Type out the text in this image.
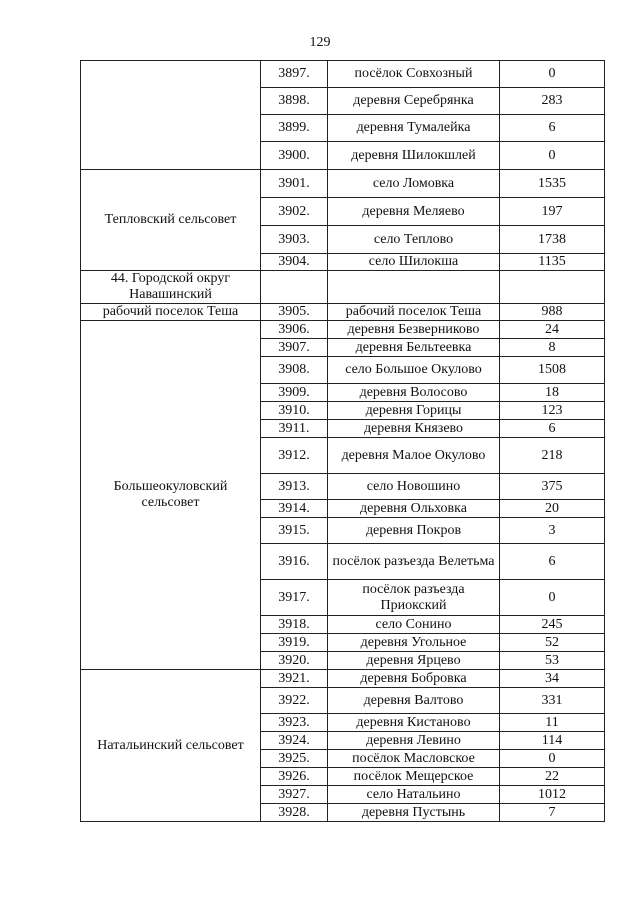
129
	3897.	посёлок Совхозный	0
	3898.	деревня Серебрянка	283
	3899.	деревня Тумалейка	6
	3900.	деревня Шилокшлей	0
Тепловский сельсовет	3901.	село Ломовка	1535
	3902.	деревня Меляево	197
	3903.	село Теплово	1738
	3904.	село Шилокша	1135
44. Городской округ Навашинский			
рабочий поселок Теша	3905.	рабочий поселок Теша	988
Большеокуловский сельсовет	3906.	деревня Безверниково	24
	3907.	деревня Бельтеевка	8
	3908.	село Большое Окулово	1508
	3909.	деревня Волосово	18
	3910.	деревня Горицы	123
	3911.	деревня Князево	6
	3912.	деревня Малое Окулово	218
	3913.	село Новошино	375
	3914.	деревня Ольховка	20
	3915.	деревня Покров	3
	3916.	посёлок разъезда Велетьма	6
	3917.	посёлок разъезда Приокский	0
	3918.	село Сонино	245
	3919.	деревня Угольное	52
	3920.	деревня Ярцево	53
Натальинский сельсовет	3921.	деревня Бобровка	34
	3922.	деревня Валтово	331
	3923.	деревня Кистаново	11
	3924.	деревня Левино	114
	3925.	посёлок Масловское	0
	3926.	посёлок Мещерское	22
	3927.	село Натальино	1012
	3928.	деревня Пустынь	7
